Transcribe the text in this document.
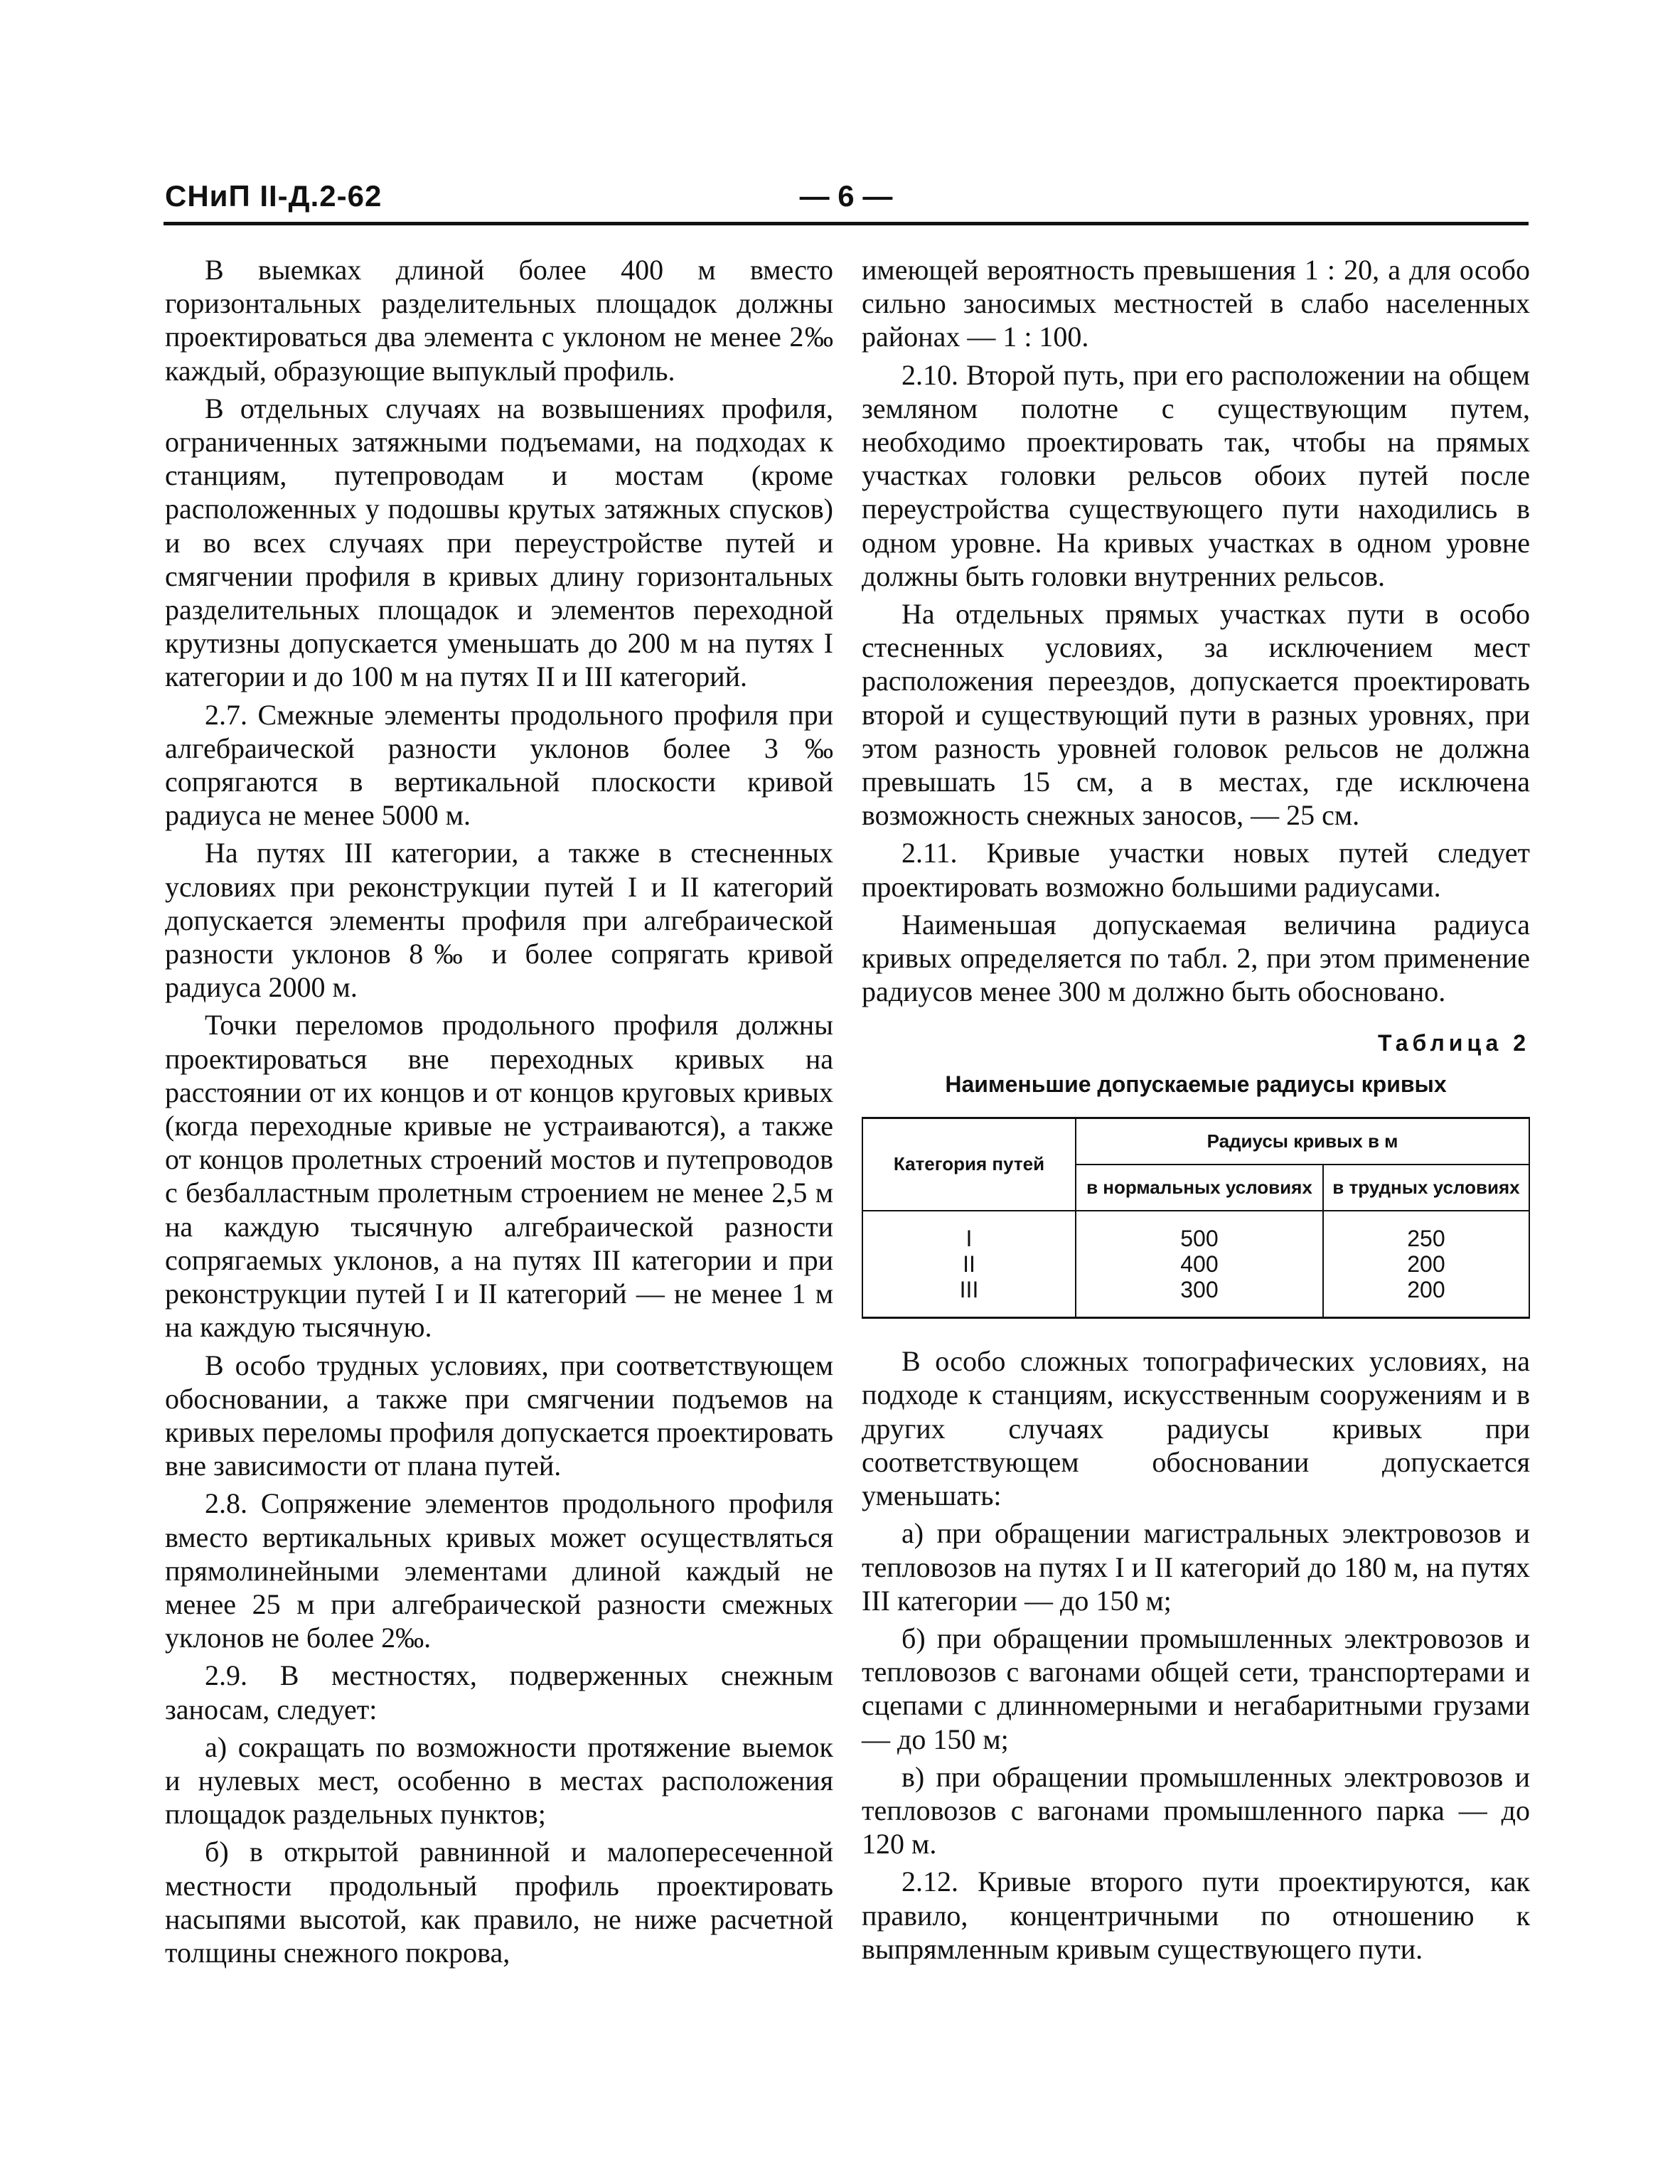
СНиП II-Д.2-62	— 6 —

В выемках длиной более 400 м вместо горизонтальных разделительных площадок должны проектироваться два элемента с уклоном не менее 2‰ каждый, образующие выпуклый профиль.

В отдельных случаях на возвышениях профиля, ограниченных затяжными подъемами, на подходах к станциям, путепроводам и мостам (кроме расположенных у подошвы крутых затяжных спусков) и во всех случаях при переустройстве путей и смягчении профиля в кривых длину горизонтальных разделительных площадок и элементов переходной крутизны допускается уменьшать до 200 м на путях I категории и до 100 м на путях II и III категорий.

2.7. Смежные элементы продольного профиля при алгебраической разности уклонов более 3‰ сопрягаются в вертикальной плоскости кривой радиуса не менее 5000 м.

На путях III категории, а также в стесненных условиях при реконструкции путей I и II категорий допускается элементы профиля при алгебраической разности уклонов 8‰ и более сопрягать кривой радиуса 2000 м.

Точки переломов продольного профиля должны проектироваться вне переходных кривых на расстоянии от их концов и от концов круговых кривых (когда переходные кривые не устраиваются), а также от концов пролетных строений мостов и путепроводов с безбалластным пролетным строением не менее 2,5 м на каждую тысячную алгебраической разности сопрягаемых уклонов, а на путях III категории и при реконструкции путей I и II категорий — не менее 1 м на каждую тысячную.

В особо трудных условиях, при соответствующем обосновании, а также при смягчении подъемов на кривых переломы профиля допускается проектировать вне зависимости от плана путей.

2.8. Сопряжение элементов продольного профиля вместо вертикальных кривых может осуществляться прямолинейными элементами длиной каждый не менее 25 м при алгебраической разности смежных уклонов не более 2‰.

2.9. В местностях, подверженных снежным заносам, следует:

а) сокращать по возможности протяжение выемок и нулевых мест, особенно в местах расположения площадок раздельных пунктов;

б) в открытой равнинной и малопересеченной местности продольный профиль проектировать насыпями высотой, как правило, не ниже расчетной толщины снежного покрова,

имеющей вероятность превышения 1 : 20, а для особо сильно заносимых местностей в слабо населенных районах — 1 : 100.

2.10. Второй путь, при его расположении на общем земляном полотне с существующим путем, необходимо проектировать так, чтобы на прямых участках головки рельсов обоих путей после переустройства существующего пути находились в одном уровне. На кривых участках в одном уровне должны быть головки внутренних рельсов.

На отдельных прямых участках пути в особо стесненных условиях, за исключением мест расположения переездов, допускается проектировать второй и существующий пути в разных уровнях, при этом разность уровней головок рельсов не должна превышать 15 см, а в местах, где исключена возможность снежных заносов, — 25 см.

2.11. Кривые участки новых путей следует проектировать возможно большими радиусами.

Наименьшая допускаемая величина радиуса кривых определяется по табл. 2, при этом применение радиусов менее 300 м должно быть обосновано.

Таблица 2
Наименьшие допускаемые радиусы кривых
Категория путей	Радиусы кривых в м	
	в нормальных условиях	в трудных условиях
I	500	250
II	400	200
III	300	200

В особо сложных топографических условиях, на подходе к станциям, искусственным сооружениям и в других случаях радиусы кривых при соответствующем обосновании допускается уменьшать:

а) при обращении магистральных электровозов и тепловозов на путях I и II категорий до 180 м, на путях III категории — до 150 м;

б) при обращении промышленных электровозов и тепловозов с вагонами общей сети, транспортерами и сцепами с длинномерными и негабаритными грузами — до 150 м;

в) при обращении промышленных электровозов и тепловозов с вагонами промышленного парка — до 120 м.

2.12. Кривые второго пути проектируются, как правило, концентричными по отношению к выпрямленным кривым существующего пути.
